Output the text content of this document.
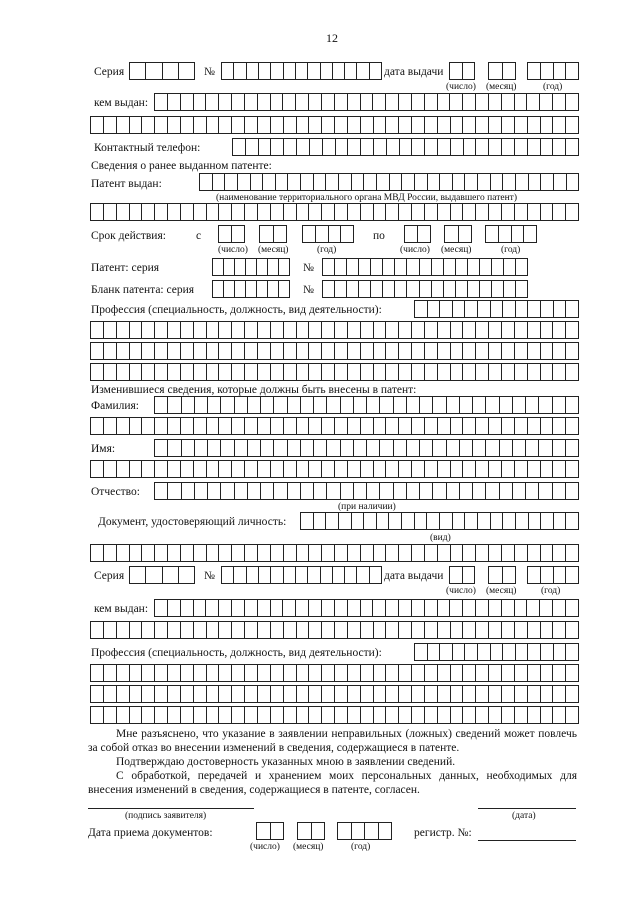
12
Серия	№	дата выдачи
(число) (месяц)	(год)
кем выдан:
Контактный телефон:
Сведения о ранее выданном патенте:
Патент выдан:
(наименование территориального органа МВД России, выдавшего патент)
Срок действия:	с	по
(число) (месяц)	(год)	(число) (месяц)	(год)
Патент: серия	№
Бланк патента: серия	№
Профессия (специальность, должность, вид деятельности):
Изменившиеся сведения, которые должны быть внесены в патент:
Фамилия:
Имя:
Отчество:
(при наличии)
Документ, удостоверяющий личность:
(вид)
Серия	№	дата выдачи
(число) (месяц)	(год)
кем выдан:
Профессия (специальность, должность, вид деятельности):
Мне разъяснено, что указание в заявлении неправильных (ложных) сведений может повлечь за собой отказ во внесении изменений в сведения, содержащиеся в патенте.
Подтверждаю достоверность указанных мною в заявлении сведений.
С обработкой, передачей и хранением моих персональных данных, необходимых для внесения изменений в сведения, содержащиеся в патенте, согласен.
(подпись заявителя)	(дата)
Дата приема документов:
(число) (месяц)	(год)
регистр. №:
